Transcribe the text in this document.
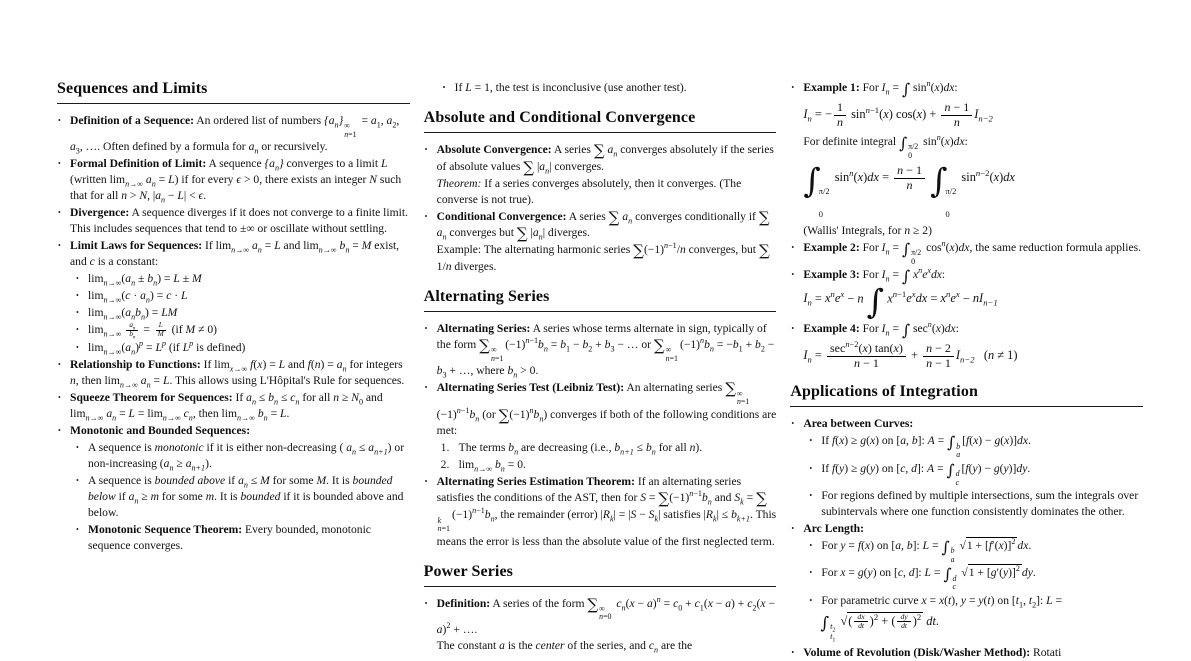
Sequences and Limits
• Definition of a Sequence: An ordered list of numbers $\{a_n\}$ ∞
n=1
= $a_1$, $a_2$, $a_3$, …. Often defined by a formula for $a_n$ or recursively.
• Formal Definition of Limit: A sequence $\{a_n\}$ converges to a limit L (written $\lim_{n\to\infty} a_n = L$) if for every ϵ > 0, there exists an integer N such that for all n > N, $|a_n - L| < \epsilon$.
• Divergence: A sequence diverges if it does not converge to a finite limit. This includes sequences that tend to ±∞ or oscillate without settling.
• Limit Laws for Sequences: If $\lim_{n\to\infty} a_n = L$ and $\lim_{n\to\infty} b_n = M$ exist, and c is a constant:
• $\lim_{n\to\infty}(a_n \pm b_n) = L \pm M$
• $\lim_{n\to\infty}(c \cdot a_n) = c \cdot L$
• $\lim_{n\to\infty}(a_nb_n)$ = LM
• $\lim_{n\to\infty} \frac{a_n}{b_n} = \frac{L}{M} (if$ M ≠ 0)
• $\lim_{n\to\infty}(a_n)^p = L^p$ (if $L^p$ is defined)
• Relationship to Functions: If $\lim_{x\to\infty} f(x) = L$ and $f(n) = a_n$ for integers n, then $\lim_{n\to\infty} a_n = L$. This allows using L'Hôpital's Rule for sequences.
• Squeeze Theorem for Sequences: If $a_n \le b_n \le c_n$ for all $n \ge N_0$ and $\lim_{n\to\infty} a_n = L = \lim_{n\to\infty} c_n$, then $\lim_{n\to\infty} b_n = L$.
• Monotonic and Bounded Sequences:
• A sequence is monotonic if it is either non-decreasing ( $a_n \le a_{n+1}$) or non-increasing $(a_n \ge a_{n+1})$.
• A sequence is bounded above if $a_n \le M$ for some M. It is bounded below if $a_n \ge m$ for some m. It is bounded if it is bounded above and below.
• Monotonic Sequence Theorem: Every bounded, monotonic sequence converges.
• If L = 1, the test is inconclusive (use another test).
Absolute and Conditional Convergence
• Absolute Convergence: A series ∑ $a_n$ converges absolutely if the series of absolute values ∑ $|a_n|$ converges.
Theorem: If a series converges absolutely, then it converges. (The converse is not true).
• Conditional Convergence: A series ∑ $a_n$ converges conditionally if ∑ $a_n$ converges but ∑ $|a_n|$ diverges.
Example: The alternating harmonic series $\sum(-1)^{n-1}/n$ converges, but ∑ 1/n diverges.
Alternating Series
• Alternating Series: A series whose terms alternate in sign, typically of the form ∑ ∞
n=1
$(-1)^{n-1}b_n = b_1 - b_2 + b_3$ − … or ∑ ∞
n=1
$(-1)^nb_n = -b_1 + b_2 - b_3$ + …, where $b_n > 0$.
• Alternating Series Test (Leibniz Test): An alternating series ∑ ∞
n=1
$(-1)^{n-1}b_n$ (or $\sum(-1)^nb_n$) converges if both of the following conditions are met:
1. The terms $b_n$ are decreasing (i.e., $b_{n+1} \le b_n$ for all n).
2. $\lim_{n\to\infty} b_n = 0$.
• Alternating Series Estimation Theorem: If an alternating series satisfies the conditions of the AST, then for $S = \sum(-1)^{n-1}b_n$ and $S_k$ = ∑
k
n=1
$(-1)^{n-1}b_n$, the remainder (error) $|R_k| = |S - S_k|$ satisfies $|R_k| \le b_{k+1}$. This means the error is less than the absolute value of the first neglected term.
Power Series
• Definition: A series of the form ∑ ∞
n=0
$c_n(x - a)^n = c_0 + c_1(x - a) + c_2(x - a)^2$ + ….
The constant a is the center of the series, and $c_n$ are the
• Example 1: For $I_n$ = ∫ $\sin^n(x)dx$:
$I_n$ = − $\frac{1}{n} \sin^{n-1}(x) \cos(x) + \frac{n - 1}{n} I_{n-2}$
For definite integral ∫ π/2
0
$\sin^n(x)dx$:
∫
π/2
0
$\sin^n(x)dx = \frac{n - 1}{n}$ ∫
π/2
0
$\sin^{n-2}(x)dx$
(Wallis' Integrals, for n ≥ 2)
• Example 2: For $I_n$ = ∫ π/2
0
$\cos^n(x)dx$, the same reduction formula applies.
• Example 3: For $I_n$ = ∫ $x^ne^xdx$:
$I_n = x^ne^x - n$ ∫ $x^{n-1}e^xdx = x^ne^x - nI_{n-1}$
• Example 4: For $I_n$ = ∫ $\sec^n(x)dx$:
$I_n$ =
$\sec^{n-2}(x)$ tan(x)
n − 1
+ $\frac{n - 2}{n - 1} I_{n-2}$   (n ≠ 1)
Applications of Integration
• Area between Curves:
• If f(x) ≥ g(x) on [a, b]: A = ∫ b
a
[f(x) − g(x)]dx.
• If f(y) ≥ g(y) on [c, d]: A = ∫ d
c
[f(y) − g(y)]dy.
• For regions defined by multiple intersections, sum the integrals over subintervals where one function consistently dominates the other.
• Arc Length:
• For y = f(x) on [a, b]: L = ∫ b
a
$√1 + [f'(x)]^2$ dx.
• For x = g(y) on [c, d]: L = ∫ d
c
$√1 + [g'(y)]^2$ dy.
• For parametric curve x = x(t), y = y(t) on [$t_1$, $t_2$]: L =
∫ $t_2$
$t_1$
√( $\frac{dx}{dt} )^2$ + ( $\frac{dy}{dt} )^2$ dt.
• Volume of Revolution (Disk/Washer Method): Rotati
